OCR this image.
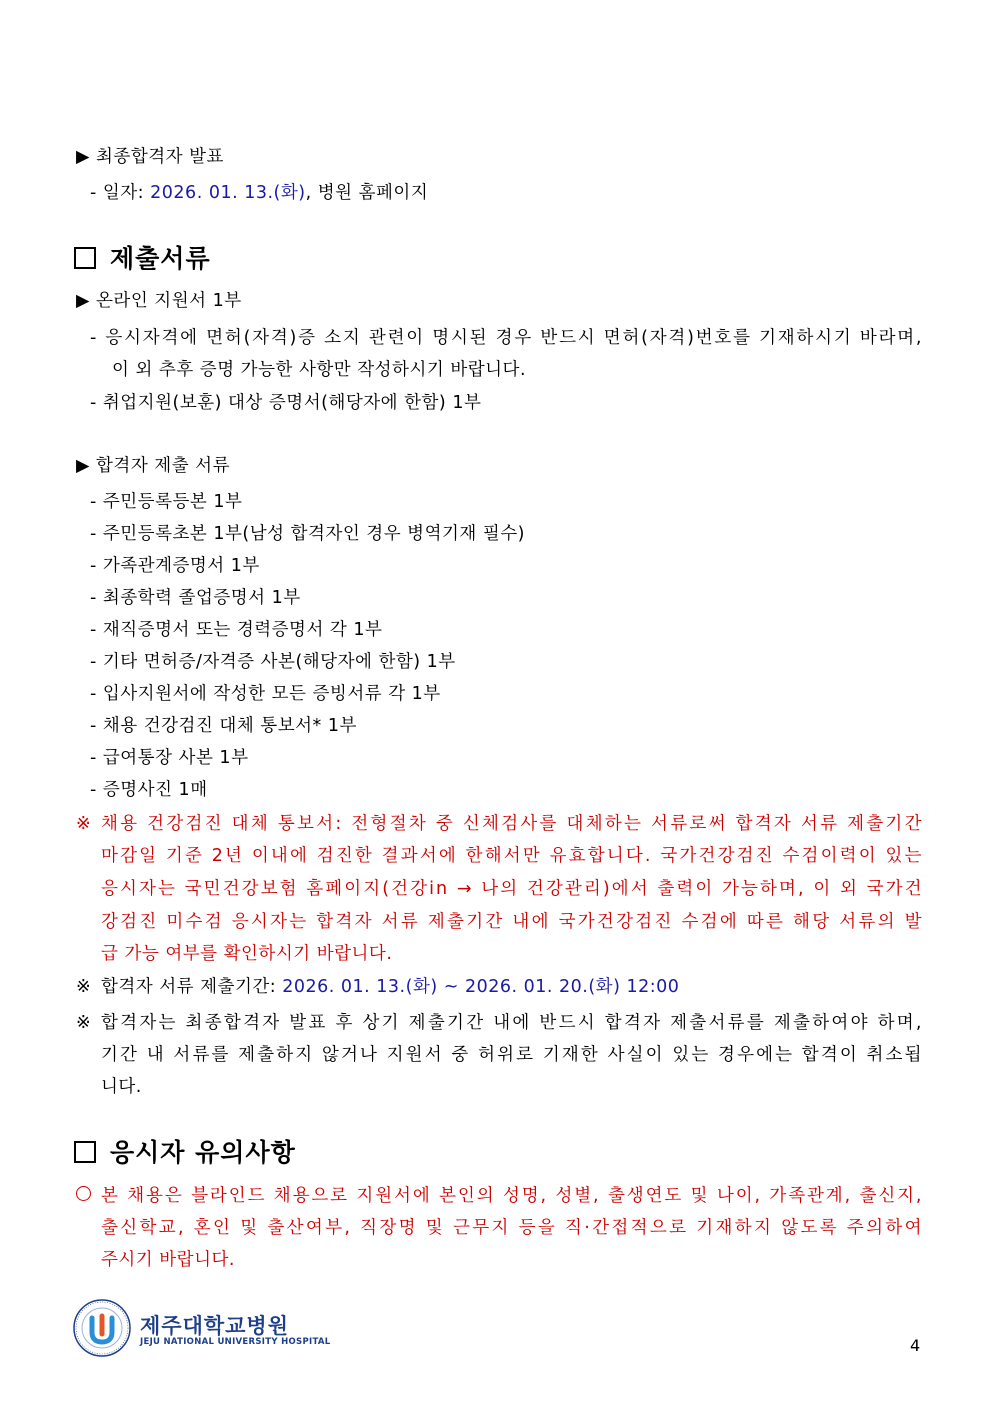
▶ 최종합격자 발표
- 일자: 2026. 01. 13.(화), 병원 홈페이지
제출서류
▶ 온라인 지원서 1부
- 응시자격에 면허(자격)증 소지 관련이 명시된 경우 반드시 면허(자격)번호를 기재하시기 바라며,
이 외 추후 증명 가능한 사항만 작성하시기 바랍니다.
- 취업지원(보훈) 대상 증명서(해당자에 한함) 1부
▶ 합격자 제출 서류
- 주민등록등본 1부
- 주민등록초본 1부(남성 합격자인 경우 병역기재 필수)
- 가족관계증명서 1부
- 최종학력 졸업증명서 1부
- 재직증명서 또는 경력증명서 각 1부
- 기타 면허증/자격증 사본(해당자에 한함) 1부
- 입사지원서에 작성한 모든 증빙서류 각 1부
- 채용 건강검진 대체 통보서* 1부
- 급여통장 사본 1부
- 증명사진 1매
※ 채용 건강검진 대체 통보서: 전형절차 중 신체검사를 대체하는 서류로써 합격자 서류 제출기간
마감일 기준 2년 이내에 검진한 결과서에 한해서만 유효합니다. 국가건강검진 수검이력이 있는
응시자는 국민건강보험 홈페이지(건강in → 나의 건강관리)에서 출력이 가능하며, 이 외 국가건
강검진 미수검 응시자는 합격자 서류 제출기간 내에 국가건강검진 수검에 따른 해당 서류의 발
급 가능 여부를 확인하시기 바랍니다.
※ 합격자 서류 제출기간: 2026. 01. 13.(화) ~ 2026. 01. 20.(화) 12:00
※ 합격자는 최종합격자 발표 후 상기 제출기간 내에 반드시 합격자 제출서류를 제출하여야 하며,
기간 내 서류를 제출하지 않거나 지원서 중 허위로 기재한 사실이 있는 경우에는 합격이 취소됩
니다.
응시자 유의사항
본 채용은 블라인드 채용으로 지원서에 본인의 성명, 성별, 출생연도 및 나이, 가족관계, 출신지,
출신학교, 혼인 및 출산여부, 직장명 및 근무지 등을 직·간접적으로 기재하지 않도록 주의하여
주시기 바랍니다.
제주대학교병원
JEJU NATIONAL UNIVERSITY HOSPITAL	4
